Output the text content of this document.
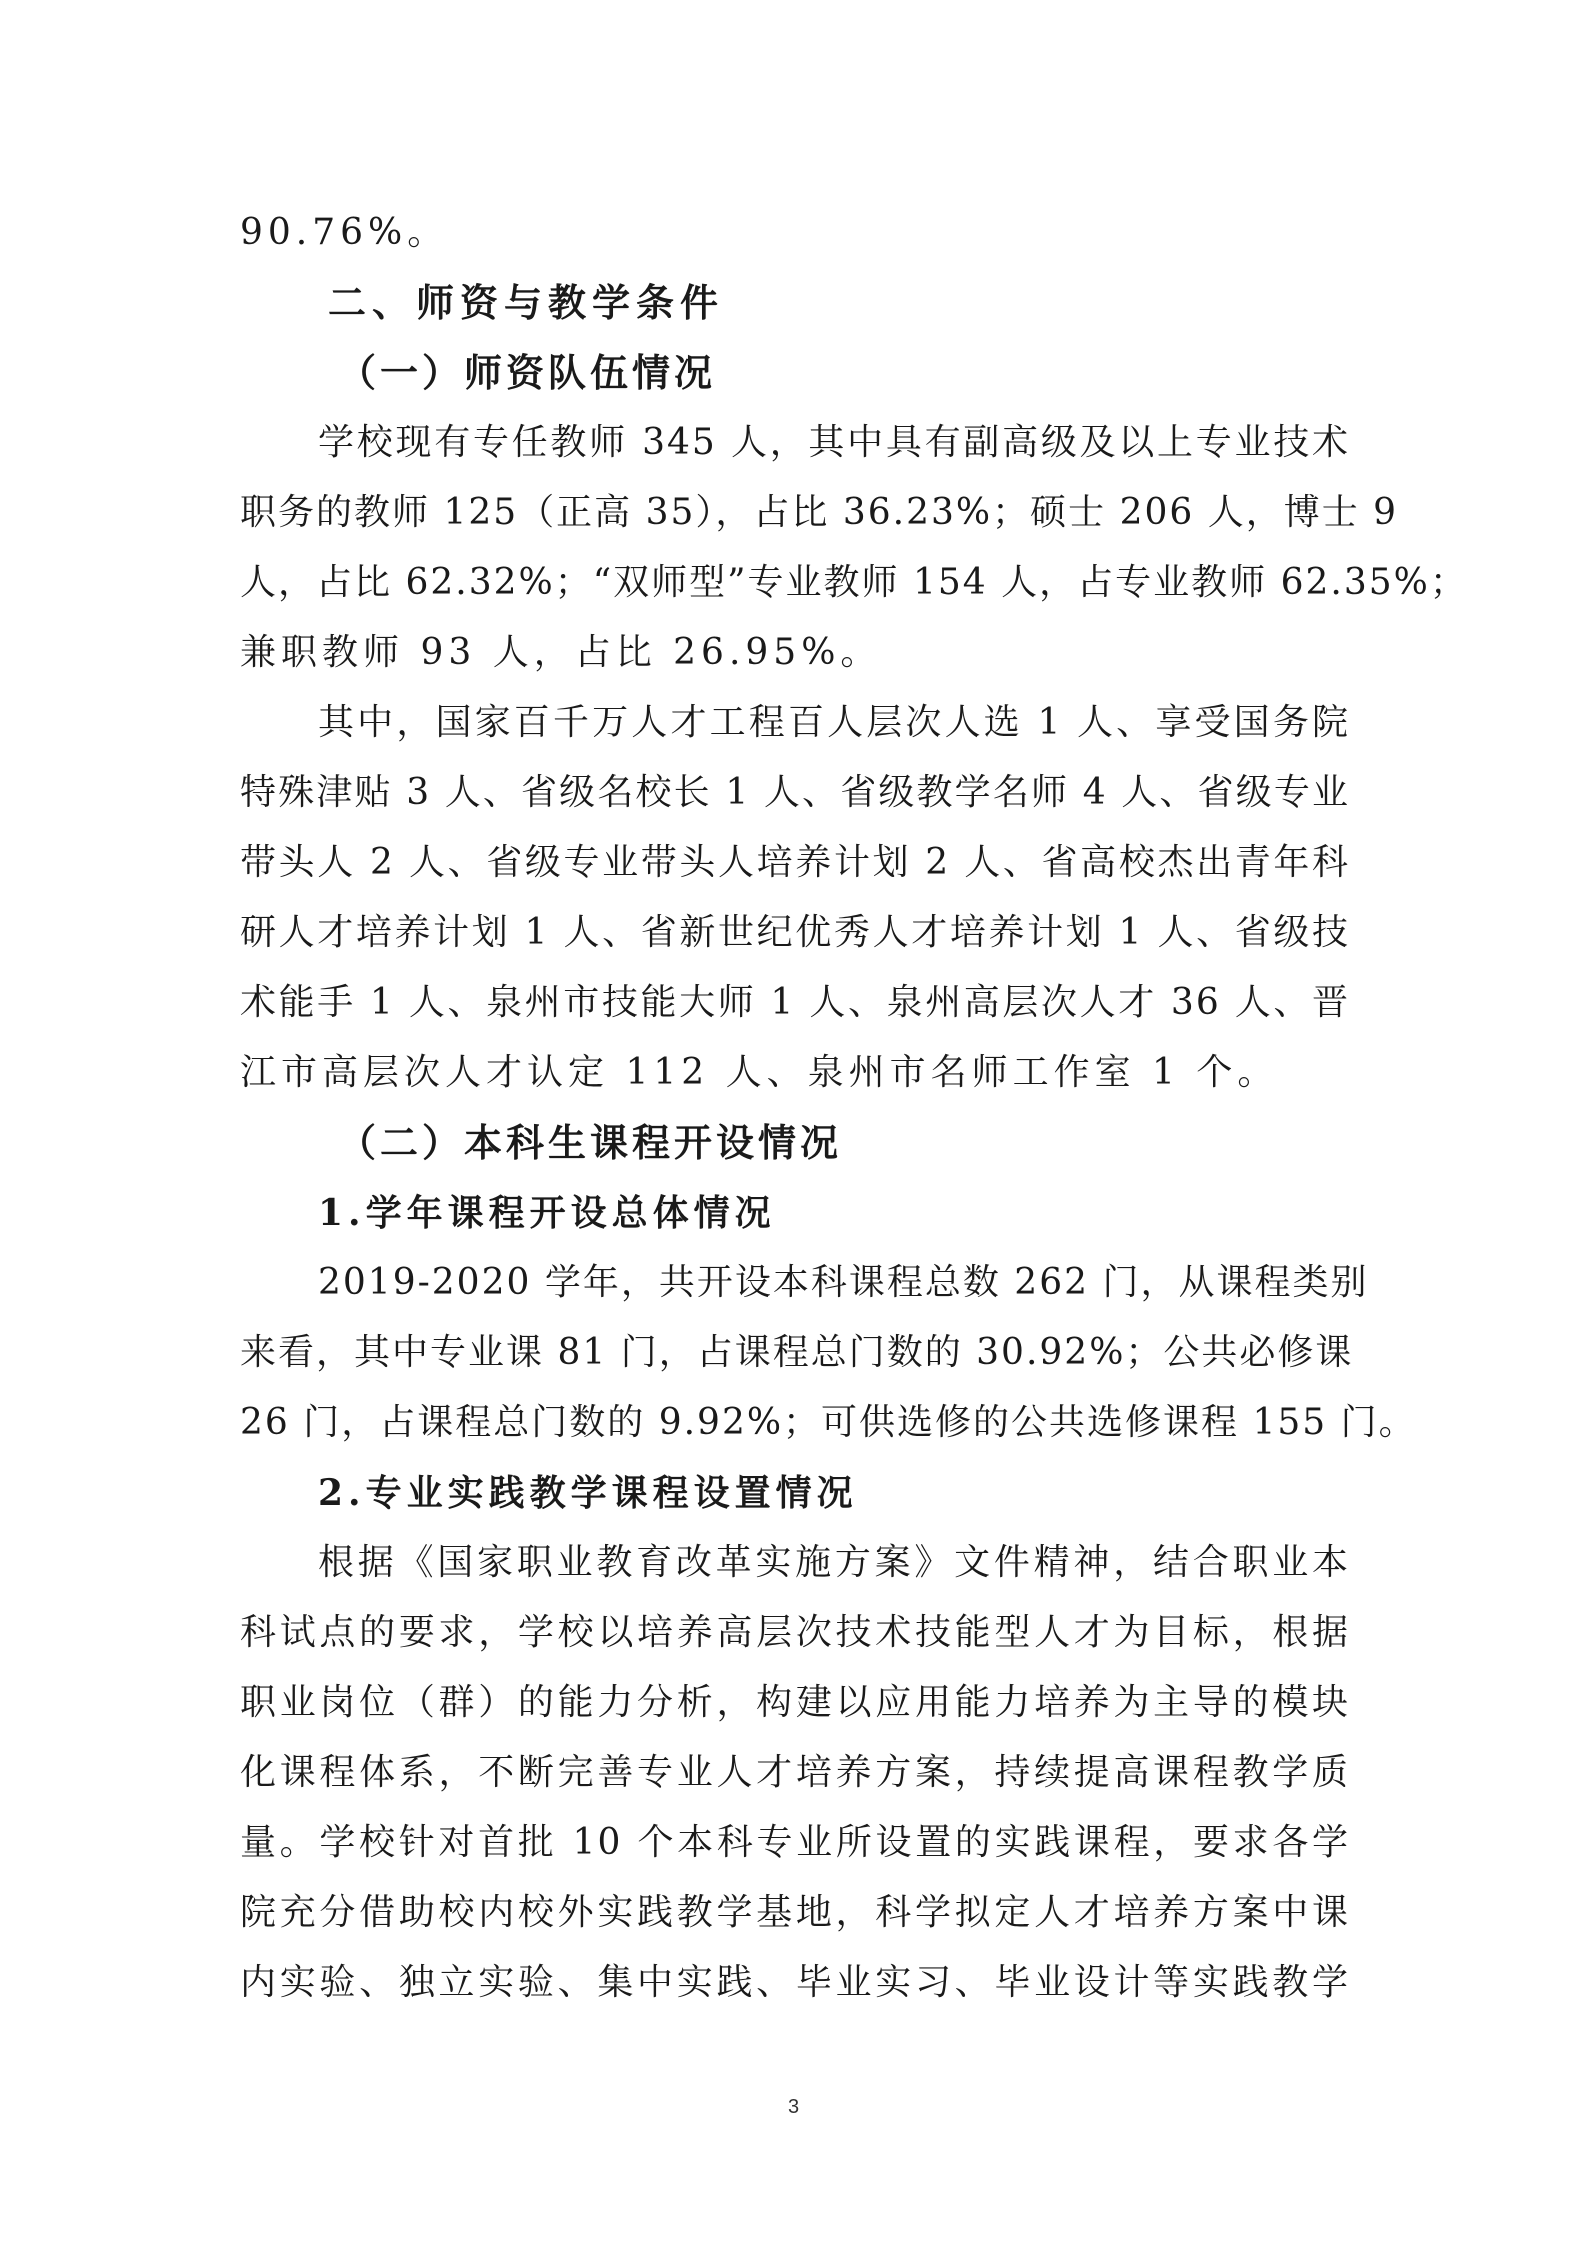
90.76%。
二、师资与教学条件
（一）师资队伍情况
学校现有专任教师 345 人，其中具有副高级及以上专业技术
职务的教师 125（正高 35），占比 36.23%；硕士 206 人，博士 9
人，占比 62.32%；“双师型”专业教师 154 人，占专业教师 62.35%；
兼职教师 93 人，占比 26.95%。
其中，国家百千万人才工程百人层次人选 1 人、享受国务院
特殊津贴 3 人、省级名校长 1 人、省级教学名师 4 人、省级专业
带头人 2 人、省级专业带头人培养计划 2 人、省高校杰出青年科
研人才培养计划 1 人、省新世纪优秀人才培养计划 1 人、省级技
术能手 1 人、泉州市技能大师 1 人、泉州高层次人才 36 人、晋
江市高层次人才认定 112 人、泉州市名师工作室 1 个。
（二）本科生课程开设情况
1.学年课程开设总体情况
2019-2020 学年，共开设本科课程总数 262 门，从课程类别
来看，其中专业课 81 门，占课程总门数的 30.92%；公共必修课
26 门，占课程总门数的 9.92%；可供选修的公共选修课程 155 门。
2.专业实践教学课程设置情况
根据《国家职业教育改革实施方案》文件精神，结合职业本
科试点的要求，学校以培养高层次技术技能型人才为目标，根据
职业岗位（群）的能力分析，构建以应用能力培养为主导的模块
化课程体系，不断完善专业人才培养方案，持续提高课程教学质
量。学校针对首批 10 个本科专业所设置的实践课程，要求各学
院充分借助校内校外实践教学基地，科学拟定人才培养方案中课
内实验、独立实验、集中实践、毕业实习、毕业设计等实践教学
3
